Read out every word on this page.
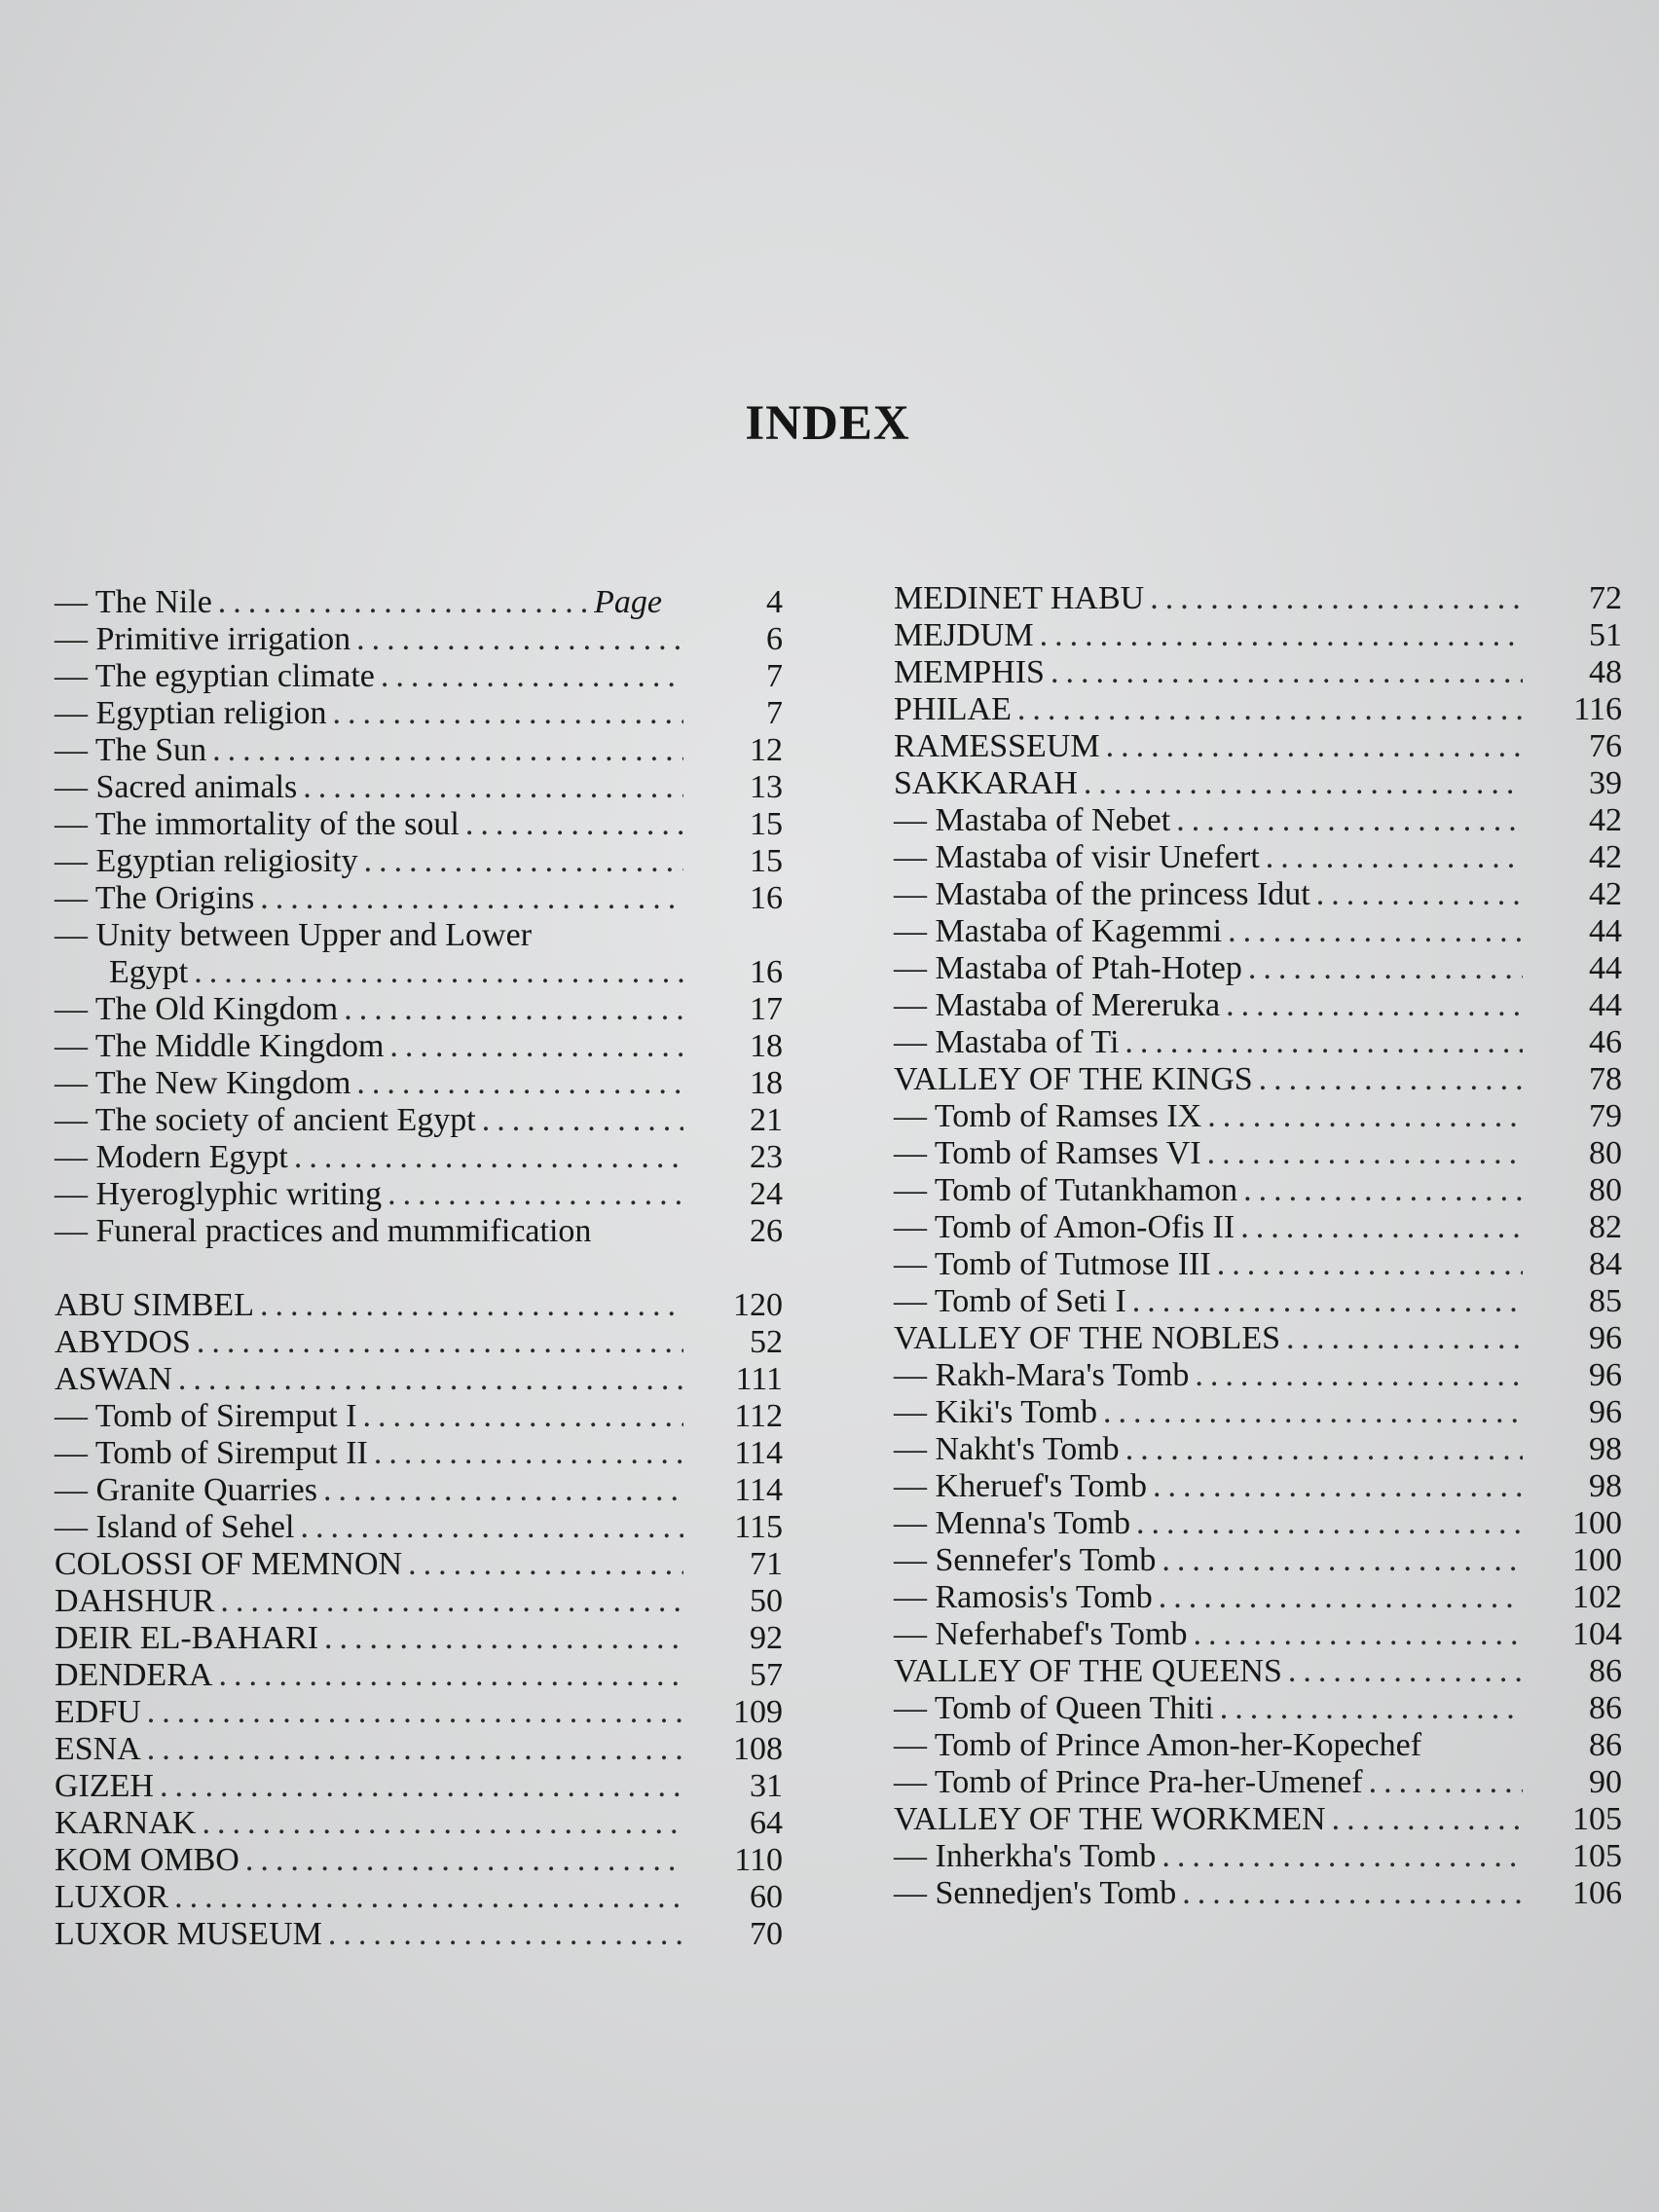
INDEX
— The Nile .....	Page	4
— Primitive irrigation .....	6
— The egyptian climate .....	7
— Egyptian religion .....	7
— The Sun .....	12
— Sacred animals .....	13
— The immortality of the soul .....	15
— Egyptian religiosity .....	15
— The Origins .....	16
— Unity between Upper and Lower
Egypt .....	16
— The Old Kingdom .....	17
— The Middle Kingdom .....	18
— The New Kingdom .....	18
— The society of ancient Egypt .....	21
— Modern Egypt .....	23
— Hyeroglyphic writing .....	24
— Funeral practices and mummification	26
ABU SIMBEL .....	120
ABYDOS .....	52
ASWAN .....	111
— Tomb of Siremput I .....	112
— Tomb of Siremput II .....	114
— Granite Quarries .....	114
— Island of Sehel .....	115
COLOSSI OF MEMNON .....	71
DAHSHUR .....	50
DEIR EL-BAHARI .....	92
DENDERA .....	57
EDFU .....	109
ESNA .....	108
GIZEH .....	31
KARNAK .....	64
KOM OMBO .....	110
LUXOR .....	60
LUXOR MUSEUM .....	70
MEDINET HABU .....	72
MEJDUM .....	51
MEMPHIS .....	48
PHILAE .....	116
RAMESSEUM .....	76
SAKKARAH .....	39
— Mastaba of Nebet .....	42
— Mastaba of visir Unefert .....	42
— Mastaba of the princess Idut .....	42
— Mastaba of Kagemmi .....	44
— Mastaba of Ptah-Hotep .....	44
— Mastaba of Mereruka .....	44
— Mastaba of Ti .....	46
VALLEY OF THE KINGS .....	78
— Tomb of Ramses IX .....	79
— Tomb of Ramses VI .....	80
— Tomb of Tutankhamon .....	80
— Tomb of Amon-Ofis II .....	82
— Tomb of Tutmose III .....	84
— Tomb of Seti I .....	85
VALLEY OF THE NOBLES .....	96
— Rakh-Mara's Tomb .....	96
— Kiki's Tomb .....	96
— Nakht's Tomb .....	98
— Kheruef's Tomb .....	98
— Menna's Tomb .....	100
— Sennefer's Tomb .....	100
— Ramosis's Tomb .....	102
— Neferhabef's Tomb .....	104
VALLEY OF THE QUEENS .....	86
— Tomb of Queen Thiti .....	86
— Tomb of Prince Amon-her-Kopechef	86
— Tomb of Prince Pra-her-Umenef .....	90
VALLEY OF THE WORKMEN .....	105
— Inherkha's Tomb .....	105
— Sennedjen's Tomb .....	106
